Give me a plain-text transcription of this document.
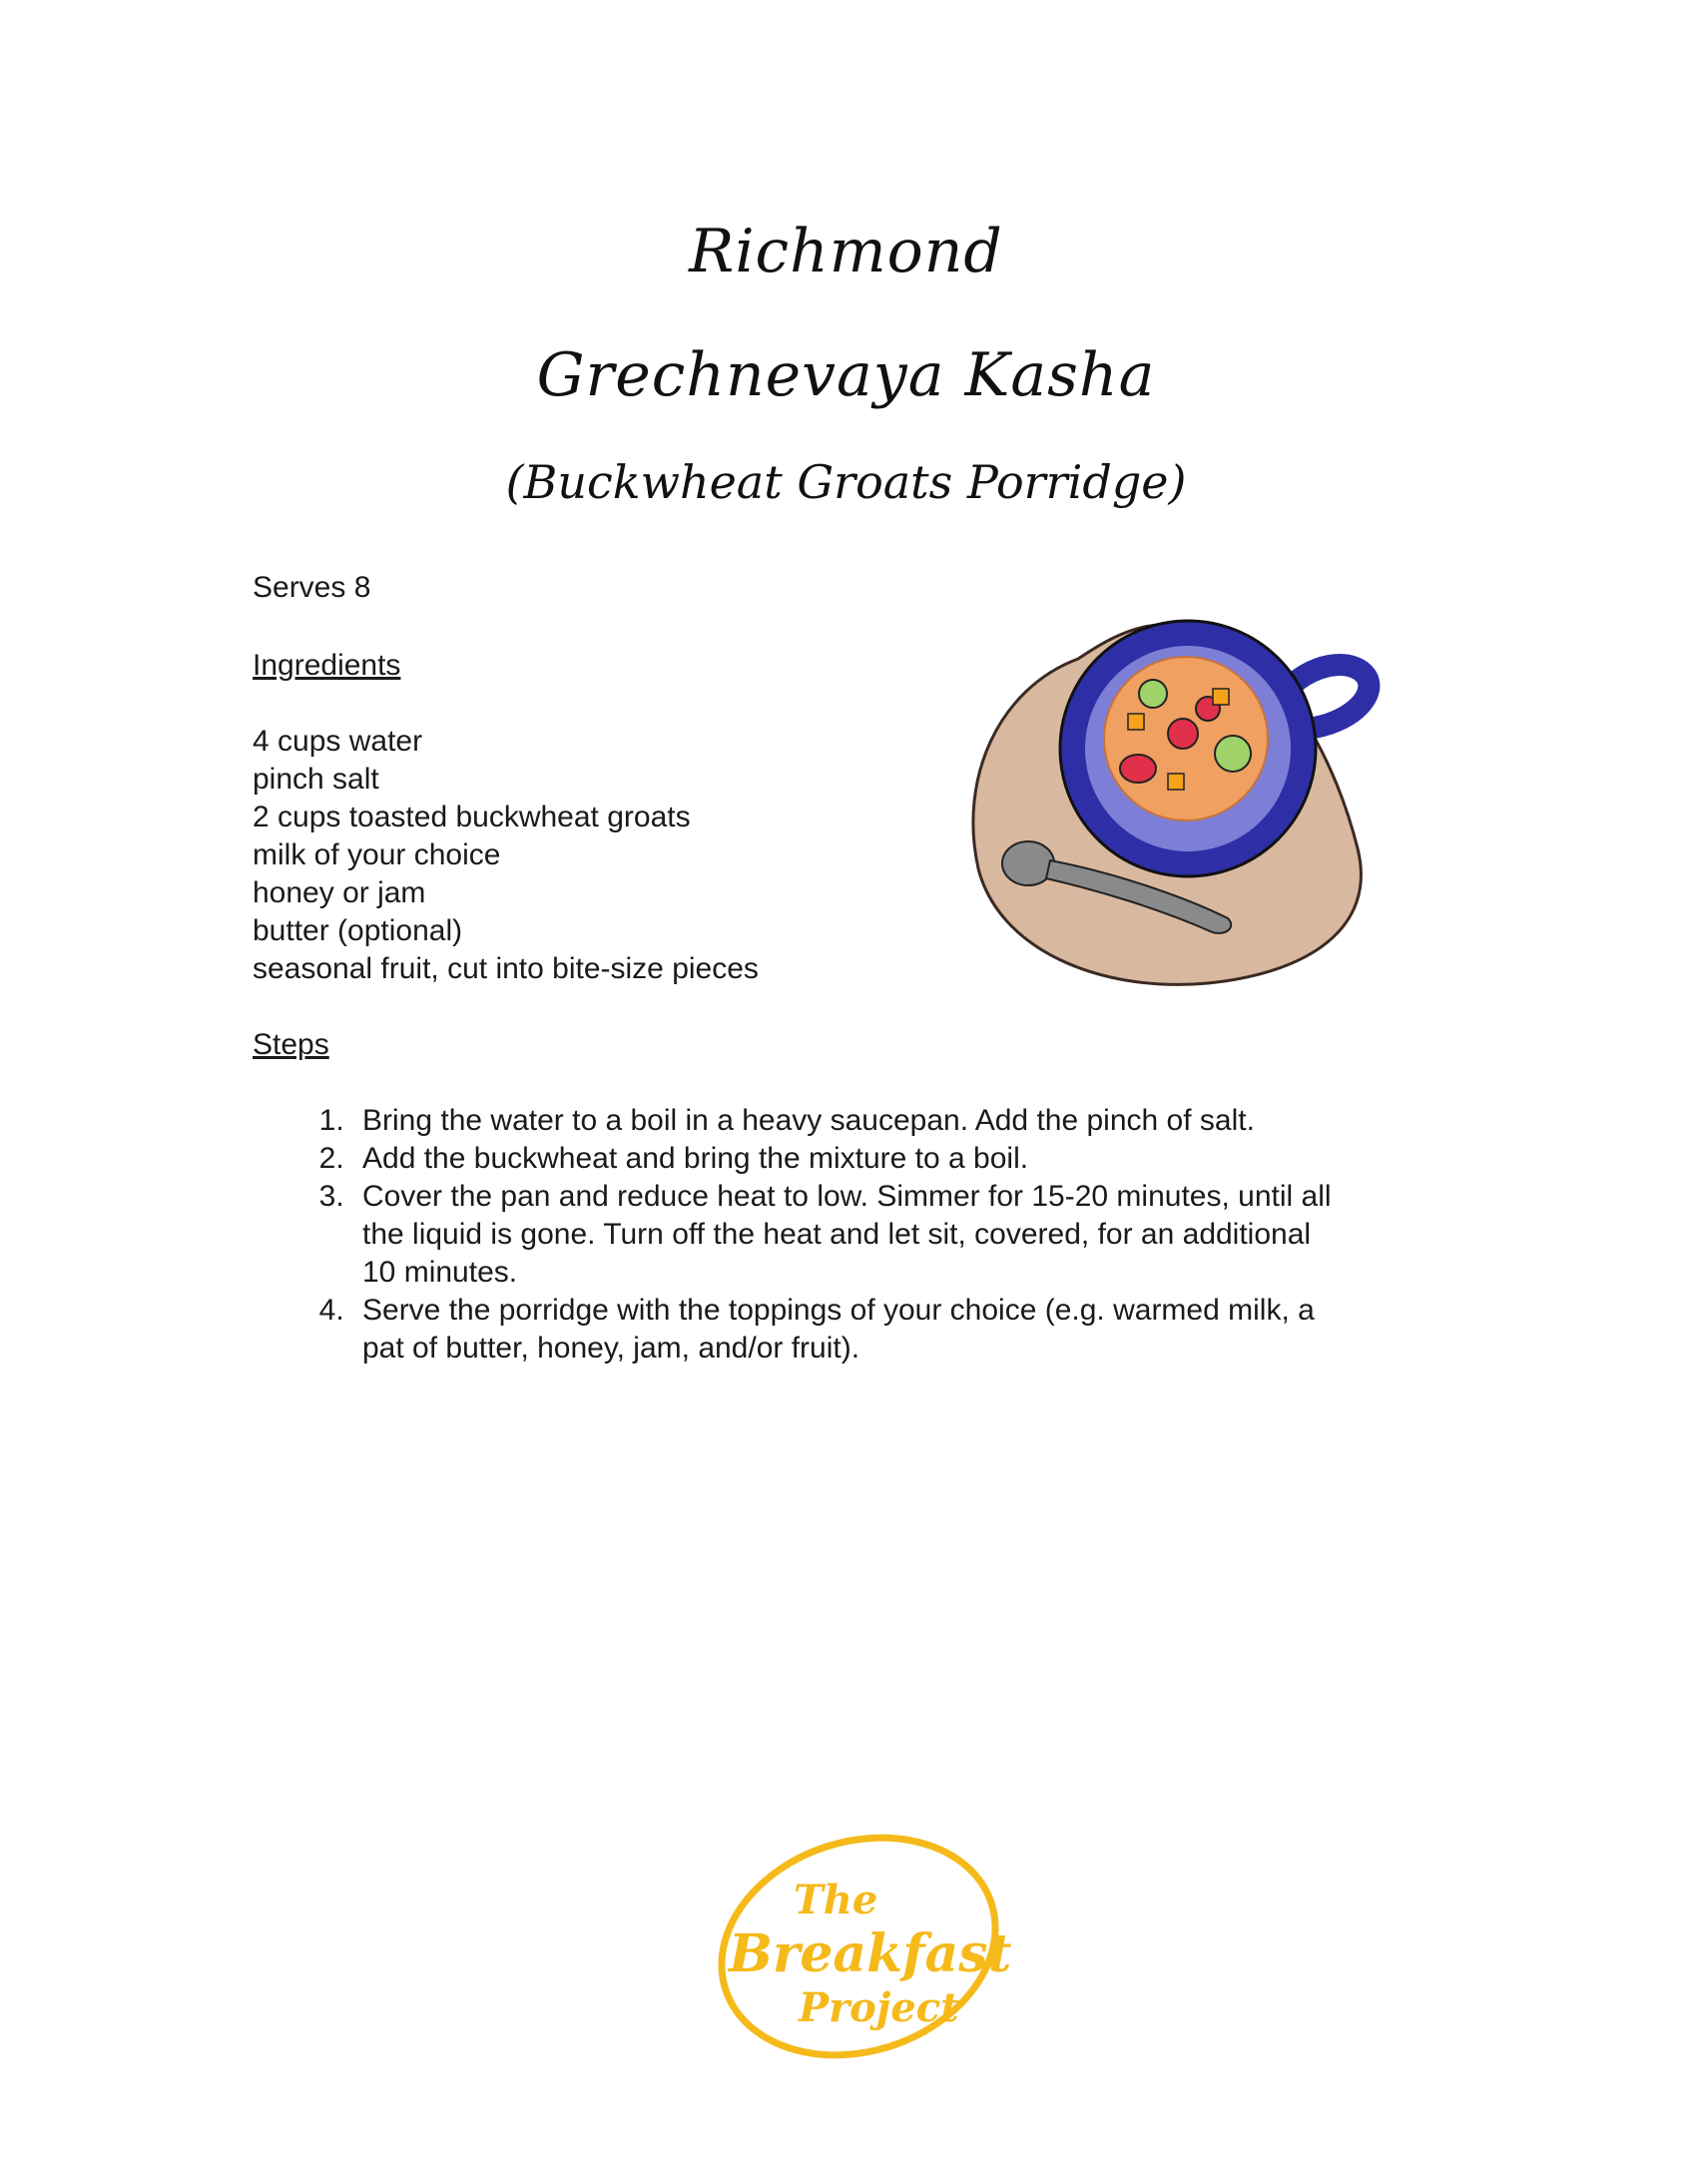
Richmond
Grechnevaya Kasha
(Buckwheat Groats Porridge)

Serves 8

Ingredients

4 cups water
pinch salt
2 cups toasted buckwheat groats
milk of your choice
honey or jam
butter (optional)
seasonal fruit, cut into bite-size pieces

Steps

1. Bring the water to a boil in a heavy saucepan. Add the pinch of salt.
2. Add the buckwheat and bring the mixture to a boil.
3. Cover the pan and reduce heat to low. Simmer for 15-20 minutes, until all the liquid is gone. Turn off the heat and let sit, covered, for an additional 10 minutes.
4. Serve the porridge with the toppings of your choice (e.g. warmed milk, a pat of butter, honey, jam, and/or fruit).
The
Breakfast
Project
